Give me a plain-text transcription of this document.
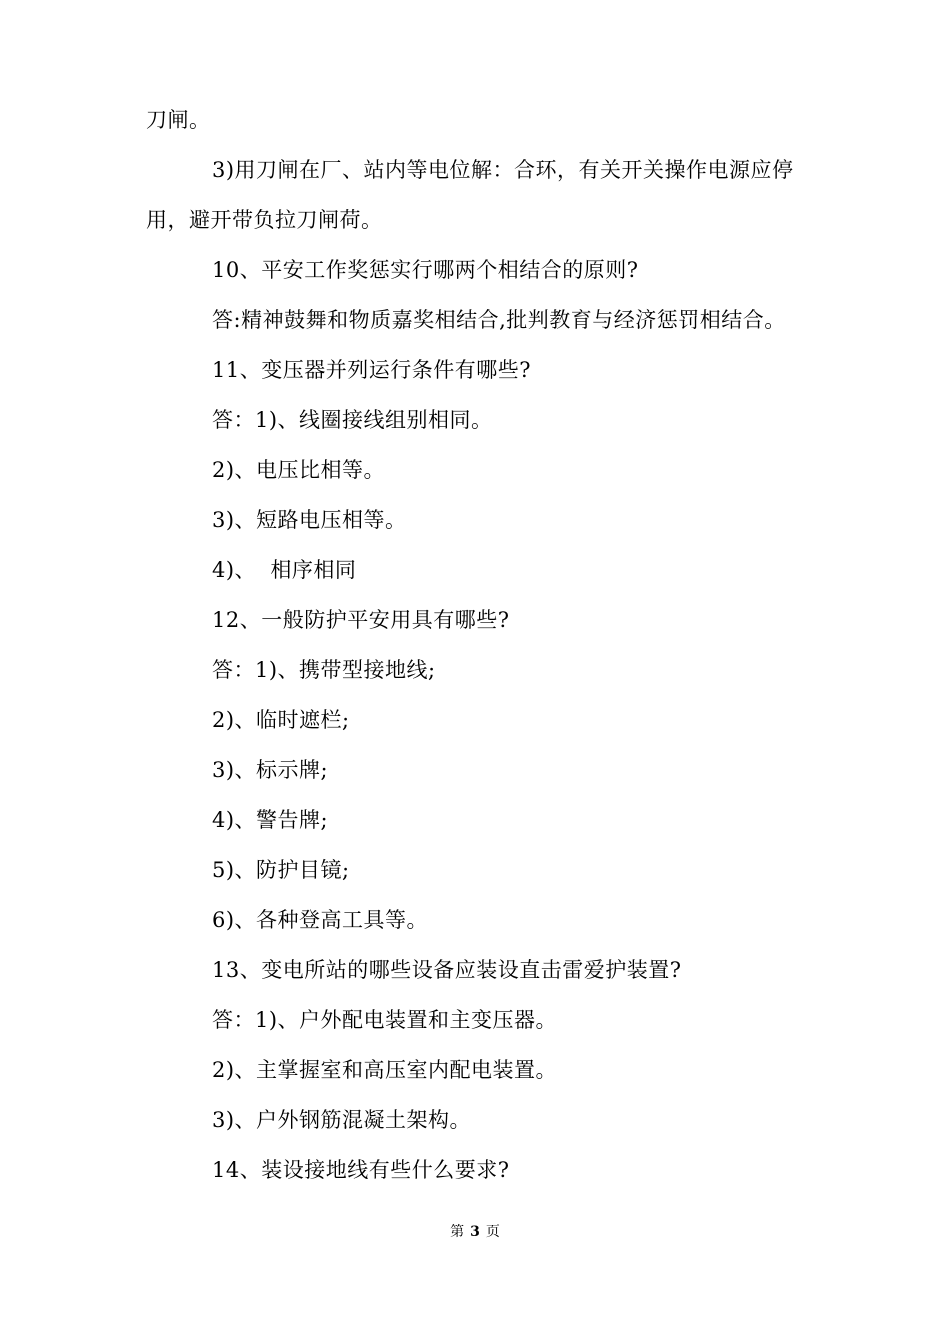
刀闸。
3)用刀闸在厂、站内等电位解：合环，有关开关操作电源应停
用，避开带负拉刀闸荷。
10、平安工作奖惩实行哪两个相结合的原则?
答:精神鼓舞和物质嘉奖相结合,批判教育与经济惩罚相结合。
11、变压器并列运行条件有哪些?
答：1)、线圈接线组别相同。
2)、电压比相等。
3)、短路电压相等。
4)、  相序相同
12、一般防护平安用具有哪些?
答：1)、携带型接地线;
2)、临时遮栏;
3)、标示牌;
4)、警告牌;
5)、防护目镜;
6)、各种登高工具等。
13、变电所站的哪些设备应装设直击雷爱护装置?
答：1)、户外配电装置和主变压器。
2)、主掌握室和高压室内配电装置。
3)、户外钢筋混凝土架构。
14、装设接地线有些什么要求?
第 3 页
